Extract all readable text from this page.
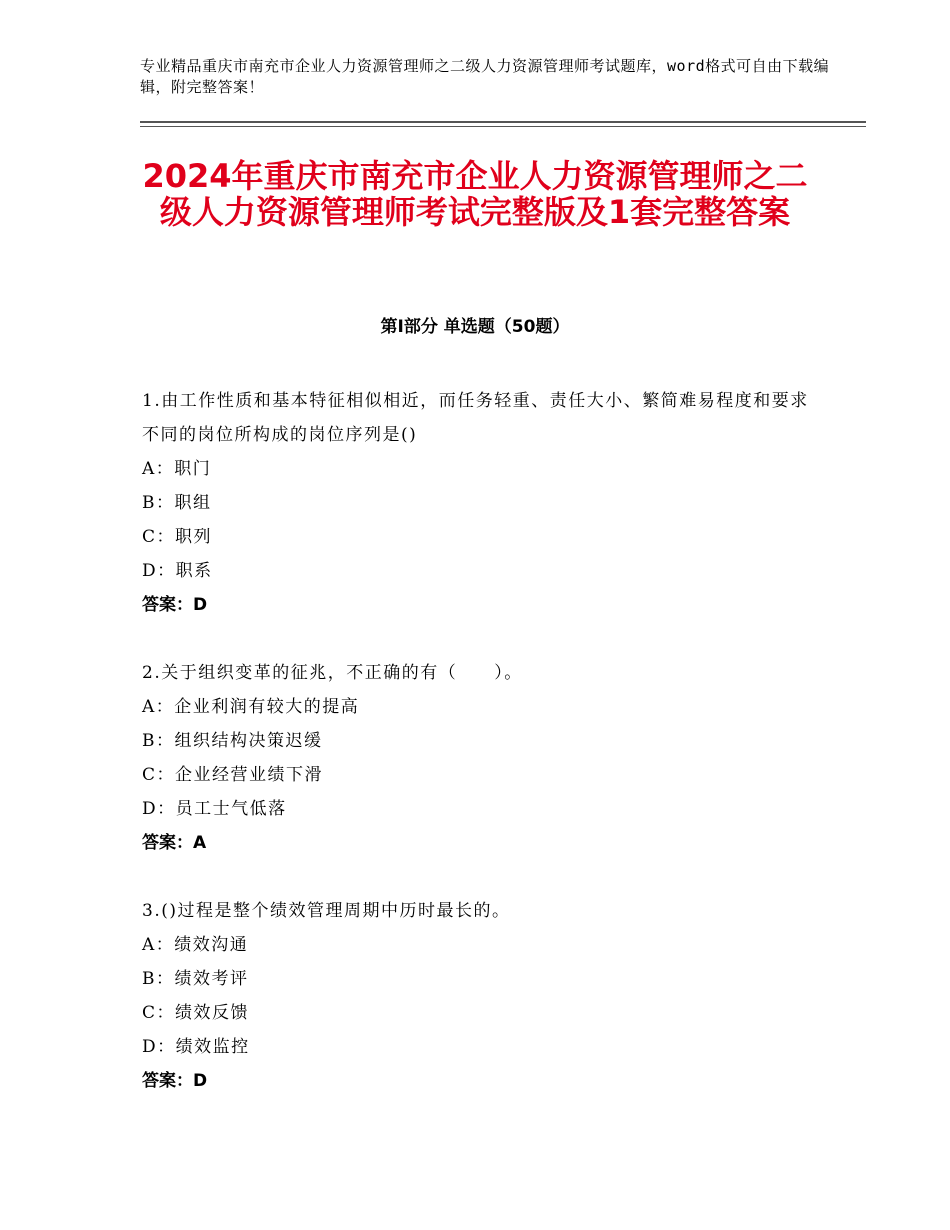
专业精品重庆市南充市企业人力资源管理师之二级人力资源管理师考试题库，word格式可自由下载编辑，附完整答案！
2024年重庆市南充市企业人力资源管理师之二级人力资源管理师考试完整版及1套完整答案
第Ⅰ部分 单选题（50题）
1.由工作性质和基本特征相似相近，而任务轻重、责任大小、繁简难易程度和要求不同的岗位所构成的岗位序列是()
A：职门
B：职组
C：职列
D：职系
答案：D
2.关于组织变革的征兆，不正确的有（　　）。
A：企业利润有较大的提高
B：组织结构决策迟缓
C：企业经营业绩下滑
D：员工士气低落
答案：A
3.()过程是整个绩效管理周期中历时最长的。
A：绩效沟通
B：绩效考评
C：绩效反馈
D：绩效监控
答案：D
